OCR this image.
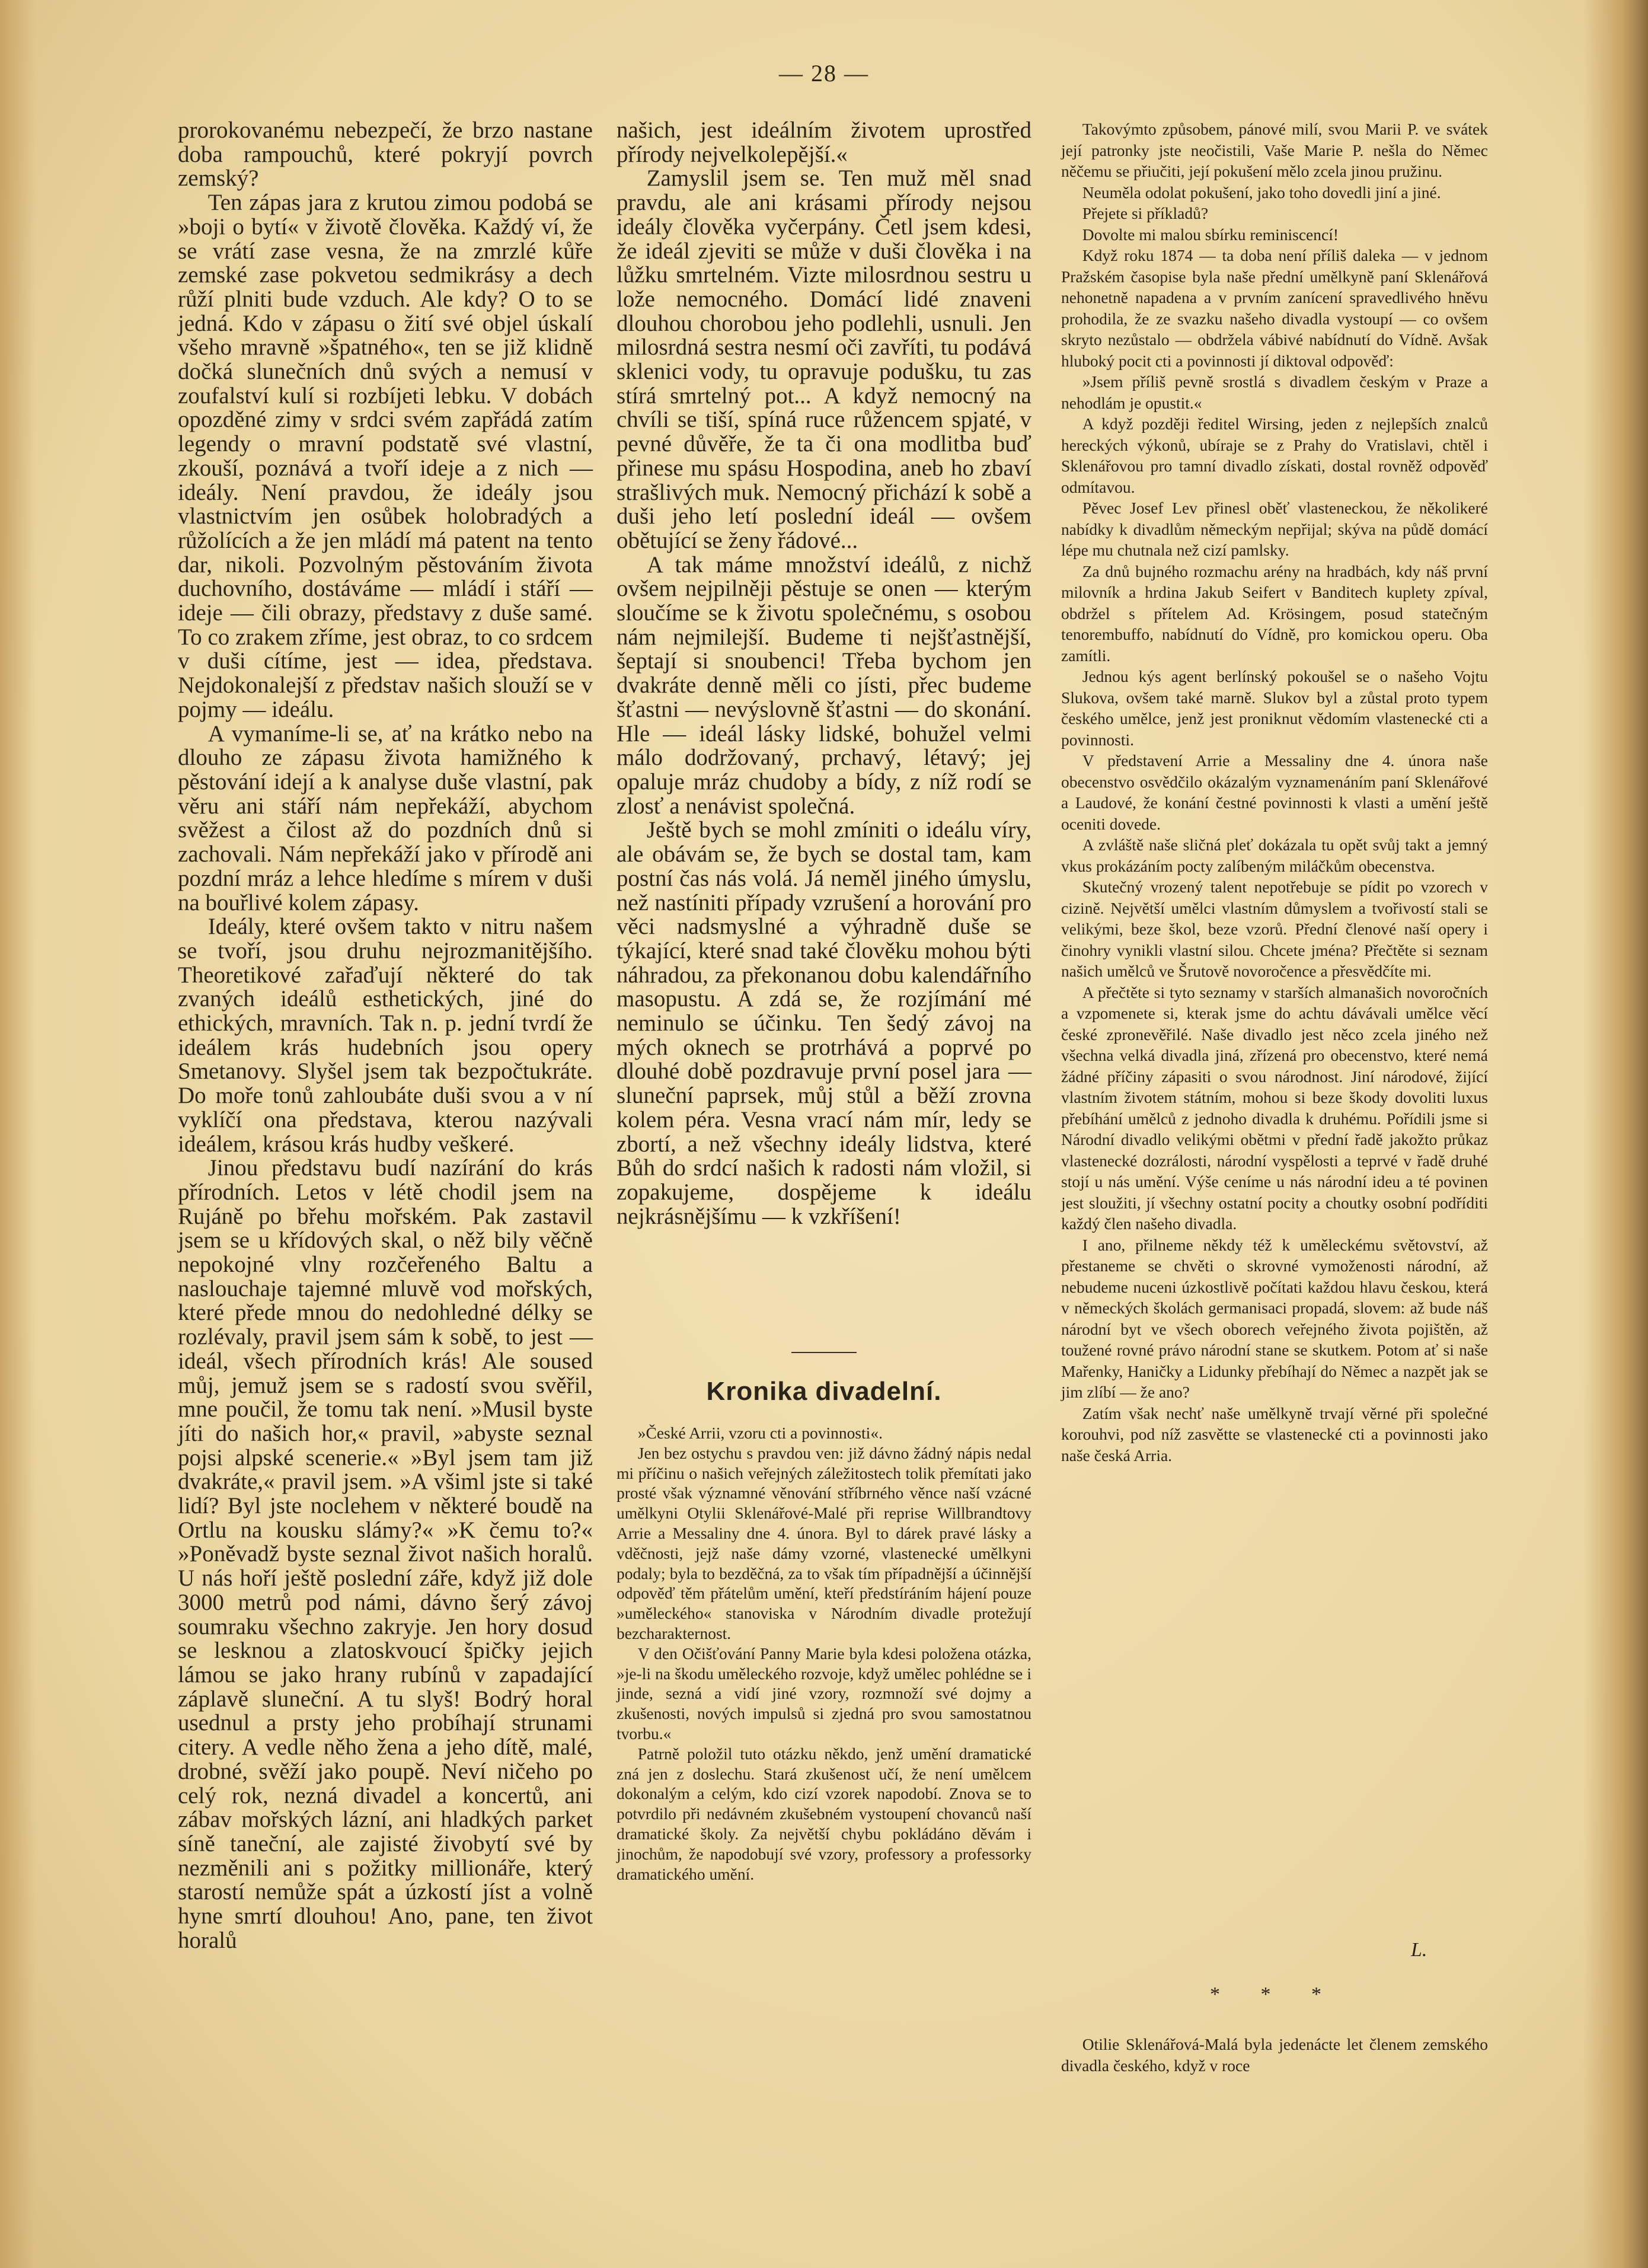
— 28 —

prorokovanému nebezpečí, že brzo nastane doba rampouchů, které pokryjí povrch zemský?

Ten zápas jara z krutou zimou podobá se »boji o bytí« v životě člověka. Každý ví, že se vrátí zase vesna, že na zmrzlé kůře zemské zase pokvetou sedmikrásy a dech růží plniti bude vzduch. Ale kdy? O to se jedná. Kdo v zápasu o žití své objel úskalí všeho mravně »špatného«, ten se již klidně dočká slunečních dnů svých a nemusí v zoufalství kulí si rozbíjeti lebku. V dobách opozděné zimy v srdci svém zapřádá zatím legendy o mravní podstatě své vlastní, zkouší, poznává a tvoří ideje a z nich — ideály. Není pravdou, že ideály jsou vlastnictvím jen osůbek holobradých a růžolících a že jen mládí má patent na tento dar, nikoli. Pozvolným pěstováním života duchovního, dostáváme — mládí i stáří — ideje — čili obrazy, představy z duše samé. To co zrakem zříme, jest obraz, to co srdcem v duši cítíme, jest — idea, představa. Nejdokonalejší z představ našich slouží se v pojmy — ideálu.

A vymaníme-li se, ať na krátko nebo na dlouho ze zápasu života hamižného k pěstování idejí a k analyse duše vlastní, pak věru ani stáří nám nepřekáží, abychom svěžest a čilost až do pozdních dnů si zachovali. Nám nepřekáží jako v přírodě ani pozdní mráz a lehce hledíme s mírem v duši na bouřlivé kolem zápasy.

Ideály, které ovšem takto v nitru našem se tvoří, jsou druhu nejrozmanitějšího. Theoretikové zařaďují některé do tak zvaných ideálů esthetických, jiné do ethických, mravních. Tak n. p. jední tvrdí že ideálem krás hudebních jsou opery Smetanovy. Slyšel jsem tak bezpočtukráte. Do moře tonů zahloubáte duši svou a v ní vyklíčí ona představa, kterou nazývali ideálem, krásou krás hudby veškeré.

Jinou představu budí nazírání do krás přírodních. Letos v létě chodil jsem na Rujáně po břehu mořském. Pak zastavil jsem se u křídových skal, o něž bily věčně nepokojné vlny rozčeřeného Baltu a naslouchaje tajemné mluvě vod mořských, které přede mnou do nedohledné délky se rozlévaly, pravil jsem sám k sobě, to jest — ideál, všech přírodních krás! Ale soused můj, jemuž jsem se s radostí svou svěřil, mne poučil, že tomu tak není. »Musil byste jíti do našich hor,« pravil, »abyste seznal pojsi alpské scenerie.« »Byl jsem tam již dvakráte,« pravil jsem. »A všiml jste si také lidí? Byl jste noclehem v některé boudě na Ortlu na kousku slámy?« »K čemu to?« »Poněvadž byste seznal život našich horalů. U nás hoří ještě poslední záře, když již dole 3000 metrů pod námi, dávno šerý závoj soumraku všechno zakryje. Jen hory dosud se lesknou a zlatoskvoucí špičky jejich lámou se jako hrany rubínů v zapadající záplavě sluneční. A tu slyš! Bodrý horal usednul a prsty jeho probíhají strunami citery. A vedle něho žena a jeho dítě, malé, drobné, svěží jako poupě. Neví ničeho po celý rok, nezná divadel a koncertů, ani zábav mořských lázní, ani hladkých parket síně taneční, ale zajisté živobytí své by nezměnili ani s požitky millionáře, který starostí nemůže spát a úzkostí jíst a volně hyne smrtí dlouhou! Ano, pane, ten život horalů

našich, jest ideálním životem uprostřed přírody nejvelkolepější.«

Zamyslil jsem se. Ten muž měl snad pravdu, ale ani krásami přírody nejsou ideály člověka vyčerpány. Četl jsem kdesi, že ideál zjeviti se může v duši člověka i na lůžku smrtelném. Vizte milosrdnou sestru u lože nemocného. Domácí lidé znaveni dlouhou chorobou jeho podlehli, usnuli. Jen milosrdná sestra nesmí oči zavříti, tu podává sklenici vody, tu opravuje podušku, tu zas stírá smrtelný pot... A když nemocný na chvíli se tiší, spíná ruce růžencem spjaté, v pevné důvěře, že ta či ona modlitba buď přinese mu spásu Hospodina, aneb ho zbaví strašlivých muk. Nemocný přichází k sobě a duši jeho letí poslední ideál — ovšem obětující se ženy řádové...

A tak máme množství ideálů, z nichž ovšem nejpilněji pěstuje se onen — kterým sloučíme se k životu společnému, s osobou nám nejmilejší. Budeme ti nejšťastnější, šeptají si snoubenci! Třeba bychom jen dvakráte denně měli co jísti, přec budeme šťastni — nevýslovně šťastni — do skonání. Hle — ideál lásky lidské, bohužel velmi málo dodržovaný, prchavý, létavý; jej opaluje mráz chudoby a bídy, z níž rodí se zlosť a nenávist společná.

Ještě bych se mohl zmíniti o ideálu víry, ale obávám se, že bych se dostal tam, kam postní čas nás volá. Já neměl jiného úmyslu, než nastíniti případy vzrušení a horování pro věci nadsmyslné a výhradně duše se týkající, které snad také člověku mohou býti náhradou, za překonanou dobu kalendářního masopustu. A zdá se, že rozjímání mé neminulo se účinku. Ten šedý závoj na mých oknech se protrhává a poprvé po dlouhé době pozdravuje první posel jara — sluneční paprsek, můj stůl a běží zrovna kolem péra. Vesna vrací nám mír, ledy se zbortí, a než všechny ideály lidstva, které Bůh do srdcí našich k radosti nám vložil, si zopakujeme, dospějeme k ideálu nejkrásnějšímu — k vzkříšení!

Kronika divadelní.

»České Arrii, vzoru cti a povinnosti«.

Jen bez ostychu s pravdou ven: již dávno žádný nápis nedal mi příčinu o našich veřejných záležitostech tolik přemítati jako prosté však významné věnování stříbrného věnce naší vzácné umělkyni Otylii Sklenářové-Malé při reprise Willbrandtovy Arrie a Messaliny dne 4. února. Byl to dárek pravé lásky a vděčnosti, jejž naše dámy vzorné, vlastenecké umělkyni podaly; byla to bezděčná, za to však tím případnější a účinnější odpověď těm přátelům umění, kteří předstíráním hájení pouze »uměleckého« stanoviska v Národním divadle protežují bezcharakternost.

V den Očišťování Panny Marie byla kdesi položena otázka, »je-li na škodu uměleckého rozvoje, když umělec pohlédne se i jinde, sezná a vidí jiné vzory, rozmnoží své dojmy a zkušenosti, nových impulsů si zjedná pro svou samostatnou tvorbu.«

Patrně položil tuto otázku někdo, jenž umění dramatické zná jen z doslechu. Stará zkušenost učí, že není umělcem dokonalým a celým, kdo cizí vzorek napodobí. Znova se to potvrdilo při nedávném zkušebném vystoupení chovanců naší dramatické školy. Za největší chybu pokládáno děvám i jinochům, že napodobují své vzory, professory a professorky dramatického umění.

Takovýmto způsobem, pánové milí, svou Marii P. ve svátek její patronky jste neočistili, Vaše Marie P. nešla do Němec něčemu se přiučiti, její pokušení mělo zcela jinou pružinu.

Neuměla odolat pokušení, jako toho dovedli jiní a jiné.

Přejete si příkladů?

Dovolte mi malou sbírku reminiscencí!

Když roku 1874 — ta doba není příliš daleka — v jednom Pražském časopise byla naše přední umělkyně paní Sklenářová nehonetně napadena a v prvním zanícení spravedlivého hněvu prohodila, že ze svazku našeho divadla vystoupí — co ovšem skryto nezůstalo — obdržela vábivé nabídnutí do Vídně. Avšak hluboký pocit cti a povinnosti jí diktoval odpověď:

»Jsem příliš pevně srostlá s divadlem českým v Praze a nehodlám je opustit.«

A když později ředitel Wirsing, jeden z nejlepších znalců hereckých výkonů, ubíraje se z Prahy do Vratislavi, chtěl i Sklenářovou pro tamní divadlo získati, dostal rovněž odpověď odmítavou.

Pěvec Josef Lev přinesl oběť vlasteneckou, že několikeré nabídky k divadlům německým nepřijal; skýva na půdě domácí lépe mu chutnala než cizí pamlsky.

Za dnů bujného rozmachu arény na hradbách, kdy náš první milovník a hrdina Jakub Seifert v Banditech kuplety zpíval, obdržel s přítelem Ad. Krösingem, posud statečným tenorembuffo, nabídnutí do Vídně, pro komickou operu. Oba zamítli.

Jednou kýs agent berlínský pokoušel se o našeho Vojtu Slukova, ovšem také marně. Slukov byl a zůstal proto typem českého umělce, jenž jest proniknut vědomím vlastenecké cti a povinnosti.

V představení Arrie a Messaliny dne 4. února naše obecenstvo osvědčilo okázalým vyznamenáním paní Sklenářové a Laudové, že konání čestné povinnosti k vlasti a umění ještě oceniti dovede.

A zvláště naše sličná pleť dokázala tu opět svůj takt a jemný vkus prokázáním pocty zalíbeným miláčkům obecenstva.

Skutečný vrozený talent nepotřebuje se pídit po vzorech v cizině. Největší umělci vlastním důmyslem a tvořivostí stali se velikými, beze škol, beze vzorů. Přední členové naší opery i činohry vynikli vlastní silou. Chcete jména? Přečtěte si seznam našich umělců ve Šrutově novoročence a přesvědčíte mi.

A přečtěte si tyto seznamy v starších almanašich novoročních a vzpomenete si, kterak jsme do achtu dávávali umělce věcí české zpronevěřilé. Naše divadlo jest něco zcela jiného než všechna velká divadla jiná, zřízená pro obecenstvo, které nemá žádné příčiny zápasiti o svou národnost. Jiní národové, žijící vlastním životem státním, mohou si beze škody dovoliti luxus přebíhání umělců z jednoho divadla k druhému. Pořídili jsme si Národní divadlo velikými obětmi v přední řadě jakožto průkaz vlastenecké dozrálosti, národní vyspělosti a teprvé v řadě druhé stojí u nás umění. Výše ceníme u nás národní ideu a té povinen jest sloužiti, jí všechny ostatní pocity a choutky osobní podříditi každý člen našeho divadla.

I ano, přilneme někdy též k uměleckému světovství, až přestaneme se chvěti o skrovné vymoženosti národní, až nebudeme nuceni úzkostlivě počítati každou hlavu českou, která v německých školách germanisaci propadá, slovem: až bude náš národní byt ve všech oborech veřejného života pojištěn, až toužené rovné právo národní stane se skutkem. Potom ať si naše Mařenky, Haničky a Lidunky přebíhají do Němec a nazpět jak se jim zlíbí — že ano?

Zatím však nechť naše umělkyně trvají věrné při společné korouhvi, pod níž zasvětte se vlastenecké cti a povinnosti jako naše česká Arria.

L.
* * *

Otilie Sklenářová-Malá byla jedenácte let členem zemského divadla českého, když v roce
